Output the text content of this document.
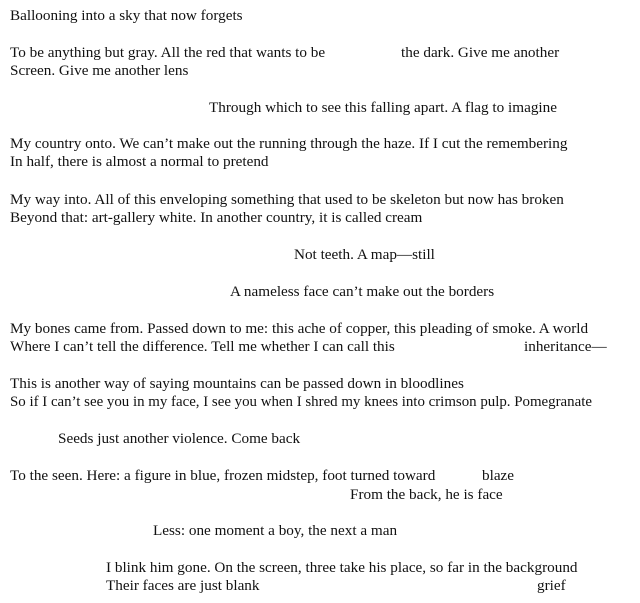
Ballooning into a sky that now forgets
To be anything but gray. All the red that wants to be	the dark. Give me another
Screen. Give me another lens
Through which to see this falling apart. A flag to imagine
My country onto. We can’t make out the running through the haze. If I cut the remembering
In half, there is almost a normal to pretend
My way into. All of this enveloping something that used to be skeleton but now has broken
Beyond that: art-gallery white. In another country, it is called cream
Not teeth. A map—still
A nameless face can’t make out the borders
My bones came from. Passed down to me: this ache of copper, this pleading of smoke. A world
Where I can’t tell the difference. Tell me whether I can call this	inheritance—
This is another way of saying mountains can be passed down in bloodlines
So if I can’t see you in my face, I see you when I shred my knees into crimson pulp. Pomegranate
Seeds just another violence. Come back
To the seen. Here: a figure in blue, frozen midstep, foot turned toward	blaze
From the back, he is face
Less: one moment a boy, the next a man
I blink him gone. On the screen, three take his place, so far in the background
Their faces are just blank	grief
